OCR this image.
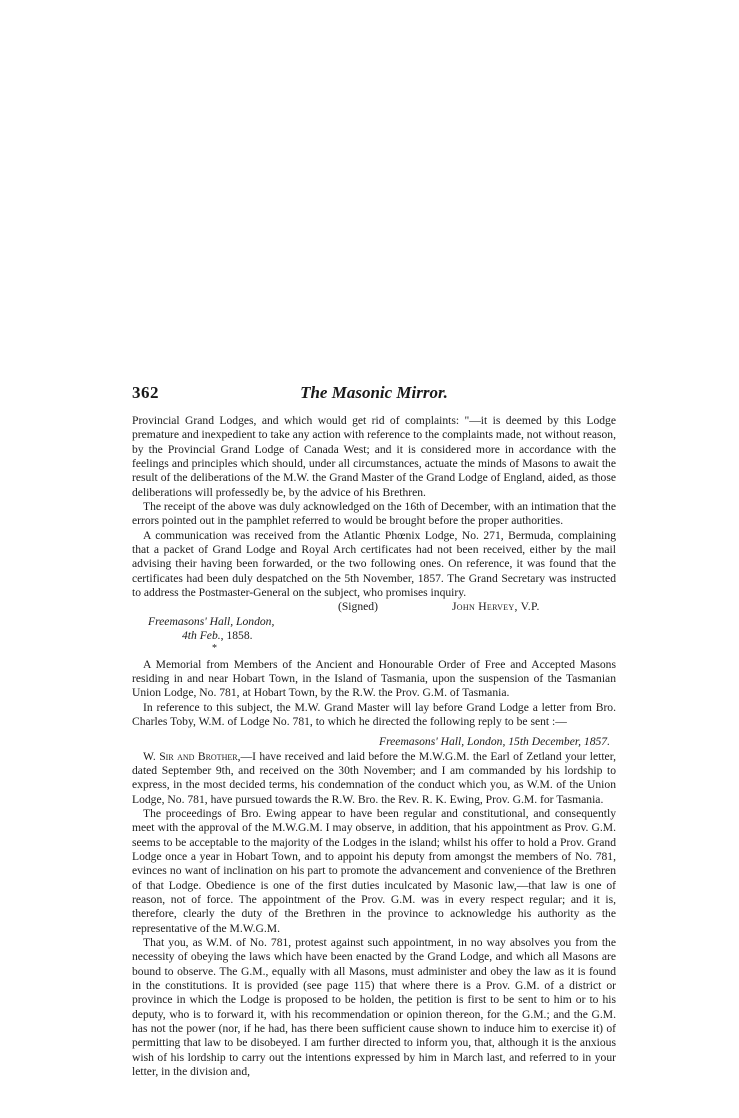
362	The Masonic Mirror.

Provincial Grand Lodges, and which would get rid of complaints: "—it is deemed by this Lodge premature and inexpedient to take any action with reference to the complaints made, not without reason, by the Provincial Grand Lodge of Canada West; and it is considered more in accordance with the feelings and principles which should, under all circumstances, actuate the minds of Masons to await the result of the deliberations of the M.W. the Grand Master of the Grand Lodge of England, aided, as those deliberations will professedly be, by the advice of his Brethren.

The receipt of the above was duly acknowledged on the 16th of December, with an intimation that the errors pointed out in the pamphlet referred to would be brought before the proper authorities.

A communication was received from the Atlantic Phœnix Lodge, No. 271, Bermuda, complaining that a packet of Grand Lodge and Royal Arch certificates had not been received, either by the mail advising their having been forwarded, or the two following ones. On reference, it was found that the certificates had been duly despatched on the 5th November, 1857. The Grand Secretary was instructed to address the Postmaster-General on the subject, who promises inquiry.

(Signed)	John Hervey, V.P.

Freemasons' Hall, London,

4th Feb., 1858.

*

A Memorial from Members of the Ancient and Honourable Order of Free and Accepted Masons residing in and near Hobart Town, in the Island of Tasmania, upon the suspension of the Tasmanian Union Lodge, No. 781, at Hobart Town, by the R.W. the Prov. G.M. of Tasmania.

In reference to this subject, the M.W. Grand Master will lay before Grand Lodge a letter from Bro. Charles Toby, W.M. of Lodge No. 781, to which he directed the following reply to be sent :—

Freemasons' Hall, London, 15th December, 1857.

W. Sir and Brother,—I have received and laid before the M.W.G.M. the Earl of Zetland your letter, dated September 9th, and received on the 30th November; and I am commanded by his lordship to express, in the most decided terms, his condemnation of the conduct which you, as W.M. of the Union Lodge, No. 781, have pursued towards the R.W. Bro. the Rev. R. K. Ewing, Prov. G.M. for Tasmania.

The proceedings of Bro. Ewing appear to have been regular and constitutional, and consequently meet with the approval of the M.W.G.M. I may observe, in addition, that his appointment as Prov. G.M. seems to be acceptable to the majority of the Lodges in the island; whilst his offer to hold a Prov. Grand Lodge once a year in Hobart Town, and to appoint his deputy from amongst the members of No. 781, evinces no want of inclination on his part to promote the advancement and convenience of the Brethren of that Lodge. Obedience is one of the first duties inculcated by Masonic law,—that law is one of reason, not of force. The appointment of the Prov. G.M. was in every respect regular; and it is, therefore, clearly the duty of the Brethren in the province to acknowledge his authority as the representative of the M.W.G.M.

That you, as W.M. of No. 781, protest against such appointment, in no way absolves you from the necessity of obeying the laws which have been enacted by the Grand Lodge, and which all Masons are bound to observe. The G.M., equally with all Masons, must administer and obey the law as it is found in the constitutions. It is provided (see page 115) that where there is a Prov. G.M. of a district or province in which the Lodge is proposed to be holden, the petition is first to be sent to him or to his deputy, who is to forward it, with his recommendation or opinion thereon, for the G.M.; and the G.M. has not the power (nor, if he had, has there been sufficient cause shown to induce him to exercise it) of permitting that law to be disobeyed. I am further directed to inform you, that, although it is the anxious wish of his lordship to carry out the intentions expressed by him in March last, and referred to in your letter, in the division and,
